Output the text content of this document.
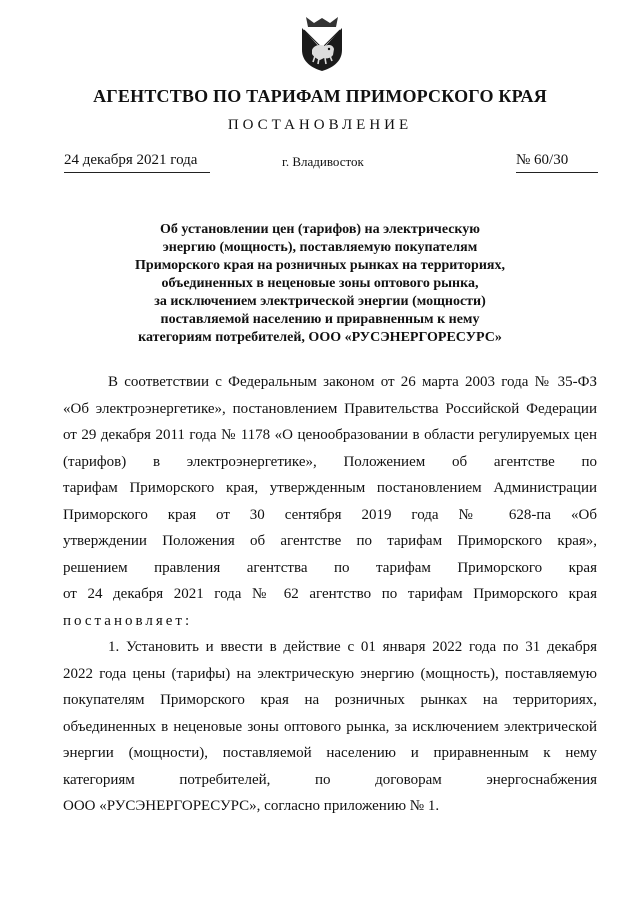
АГЕНТСТВО ПО ТАРИФАМ ПРИМОРСКОГО КРАЯ
ПОСТАНОВЛЕНИЕ
24 декабря 2021 года	г. Владивосток	№ 60/30
Об установлении цен (тарифов) на электрическую
энергию (мощность), поставляемую покупателям
Приморского края на розничных рынках на территориях,
объединенных в неценовые зоны оптового рынка,
за исключением электрической энергии (мощности)
поставляемой населению и приравненным к нему
категориям потребителей, ООО «РУСЭНЕРГОРЕСУРС»
В соответствии с Федеральным законом от 26 марта 2003 года № 35-ФЗ
«Об электроэнергетике», постановлением Правительства Российской Федерации
от 29 декабря 2011 года № 1178 «О ценообразовании в области регулируемых цен
(тарифов) в электроэнергетике», Положением об агентстве по
тарифам Приморского края, утвержденным постановлением Администрации
Приморского края от 30 сентября 2019 года № 628-па «Об
утверждении Положения об агентстве по тарифам Приморского края»,
решением правления агентства по тарифам Приморского края
от 24 декабря 2021 года № 62 агентство по тарифам Приморского края
постановляет:
1. Установить и ввести в действие с 01 января 2022 года по 31 декабря
2022 года цены (тарифы) на электрическую энергию (мощность), поставляемую
покупателям Приморского края на розничных рынках на территориях,
объединенных в неценовые зоны оптового рынка, за исключением электрической
энергии (мощности), поставляемой населению и приравненным к нему
категориям потребителей, по договорам энергоснабжения
ООО «РУСЭНЕРГОРЕСУРС», согласно приложению № 1.
